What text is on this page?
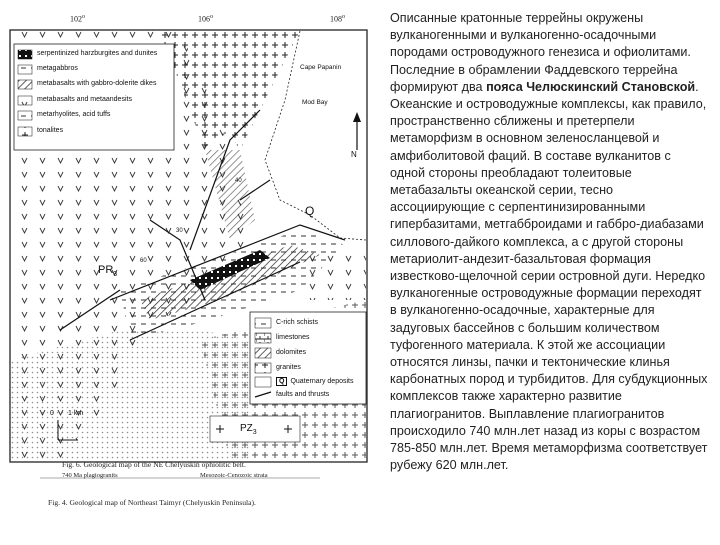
102$^o$	106$^o$	108$^o$
serpentinized harzburgites and dunites
metagabbros
metabasalts with gabbro-dolerite dikes
metabasalts and metaandesits
metarhyolites, acid tuffs
tonalites
C-rich schists
limestones
dolomites
granites
Q Quaternary deposits
faults and thrusts
Cape Papanin
Mod Bay
Q
$PR_3$
$PZ_3$
N
0 1 km
30
40
60
Fig. 6. Geological map of the NE Chelyuskin ophiolitic belt.
740 Ma plagiogranits	Mesozoic-Cenozoic strata
Fig. 4. Geological map of Northeast Taimyr (Chelyuskin Peninsula).

Описанные кратонные террейны окружены вулканогенными и вулканогенно-осадочными породами островодужного генезиса и офиолитами. Последние в обрамлении Фаддевского террейна формируют два пояса Челюскинский Становской. Океанские и островодужные комплексы, как правило, пространственно сближены и претерпели метаморфизм в основном зеленосланцевой и амфиболитовой фаций. В составе вулканитов с одной стороны преобладают толеитовые метабазальты океанской серии, тесно ассоциирующие с серпентинизированными гипербазитами, метгабброидами и габбро-диабазами силлового-дайкого комплекса, а с другой стороны метариолит-андезит-базальтовая формация известково-щелочной серии островной дуги. Нередко вулканогенные островодужные формации переходят в вулканогенно-осадочные, характерные для задуговых бассейнов с большим количеством туфогенного материала. К этой же ассоциации относятся линзы, пачки и тектонические клинья карбонатных пород и турбидитов. Для субдукционных комплексов также характерно развитие плагиогранитов. Выплавление плагиогранитов происходило 740 млн.лет назад из коры с возрастом 785-850 млн.лет. Время метаморфизма соответствует рубежу 620 млн.лет.
